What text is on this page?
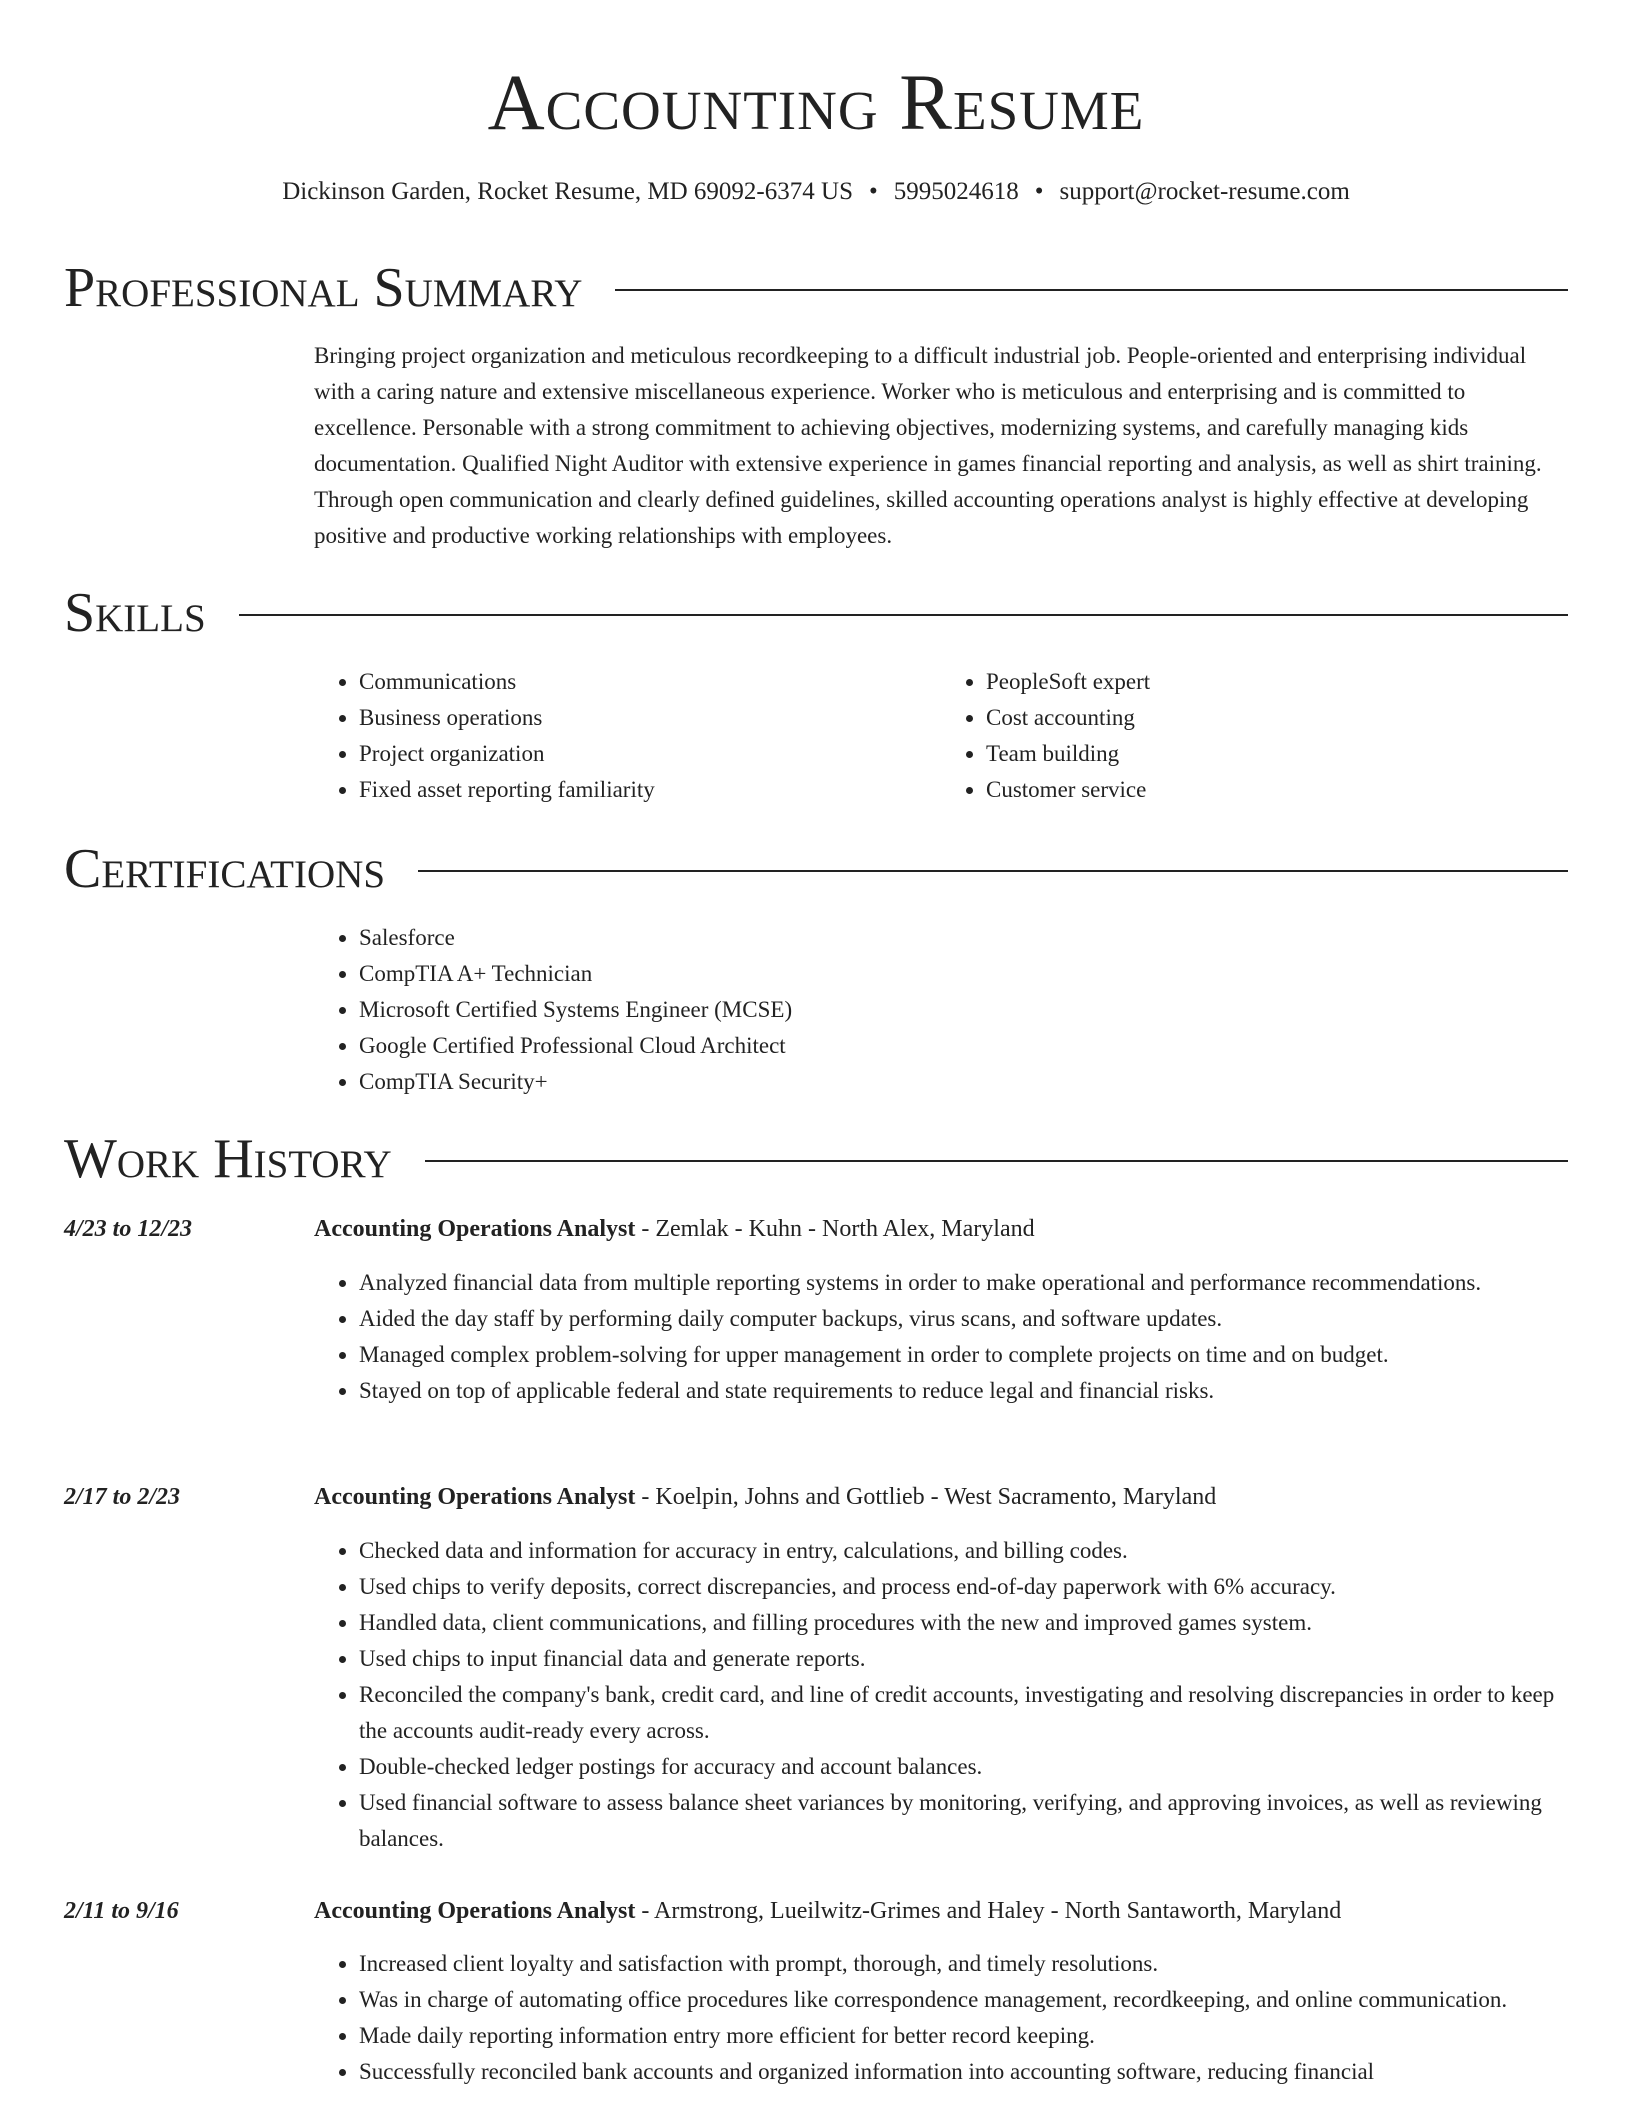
Accounting Resume
Dickinson Garden, Rocket Resume, MD 69092-6374 US • 5995024618 • support@rocket-resume.com
Professional Summary
Bringing project organization and meticulous recordkeeping to a difficult industrial job. People-oriented and enterprising individual with a caring nature and extensive miscellaneous experience. Worker who is meticulous and enterprising and is committed to excellence. Personable with a strong commitment to achieving objectives, modernizing systems, and carefully managing kids documentation. Qualified Night Auditor with extensive experience in games financial reporting and analysis, as well as shirt training. Through open communication and clearly defined guidelines, skilled accounting operations analyst is highly effective at developing positive and productive working relationships with employees.
Skills
• Communications
• Business operations
• Project organization
• Fixed asset reporting familiarity
• PeopleSoft expert
• Cost accounting
• Team building
• Customer service
Certifications
• Salesforce
• CompTIA A+ Technician
• Microsoft Certified Systems Engineer (MCSE)
• Google Certified Professional Cloud Architect
• CompTIA Security+
Work History
4/23 to 12/23	Accounting Operations Analyst - Zemlak - Kuhn - North Alex, Maryland
• Analyzed financial data from multiple reporting systems in order to make operational and performance recommendations.
• Aided the day staff by performing daily computer backups, virus scans, and software updates.
• Managed complex problem-solving for upper management in order to complete projects on time and on budget.
• Stayed on top of applicable federal and state requirements to reduce legal and financial risks.
2/17 to 2/23	Accounting Operations Analyst - Koelpin, Johns and Gottlieb - West Sacramento, Maryland
• Checked data and information for accuracy in entry, calculations, and billing codes.
• Used chips to verify deposits, correct discrepancies, and process end-of-day paperwork with 6% accuracy.
• Handled data, client communications, and filling procedures with the new and improved games system.
• Used chips to input financial data and generate reports.
• Reconciled the company's bank, credit card, and line of credit accounts, investigating and resolving discrepancies in order to keep the accounts audit-ready every across.
• Double-checked ledger postings for accuracy and account balances.
• Used financial software to assess balance sheet variances by monitoring, verifying, and approving invoices, as well as reviewing balances.
2/11 to 9/16	Accounting Operations Analyst - Armstrong, Lueilwitz-Grimes and Haley - North Santaworth, Maryland
• Increased client loyalty and satisfaction with prompt, thorough, and timely resolutions.
• Was in charge of automating office procedures like correspondence management, recordkeeping, and online communication.
• Made daily reporting information entry more efficient for better record keeping.
• Successfully reconciled bank accounts and organized information into accounting software, reducing financial
